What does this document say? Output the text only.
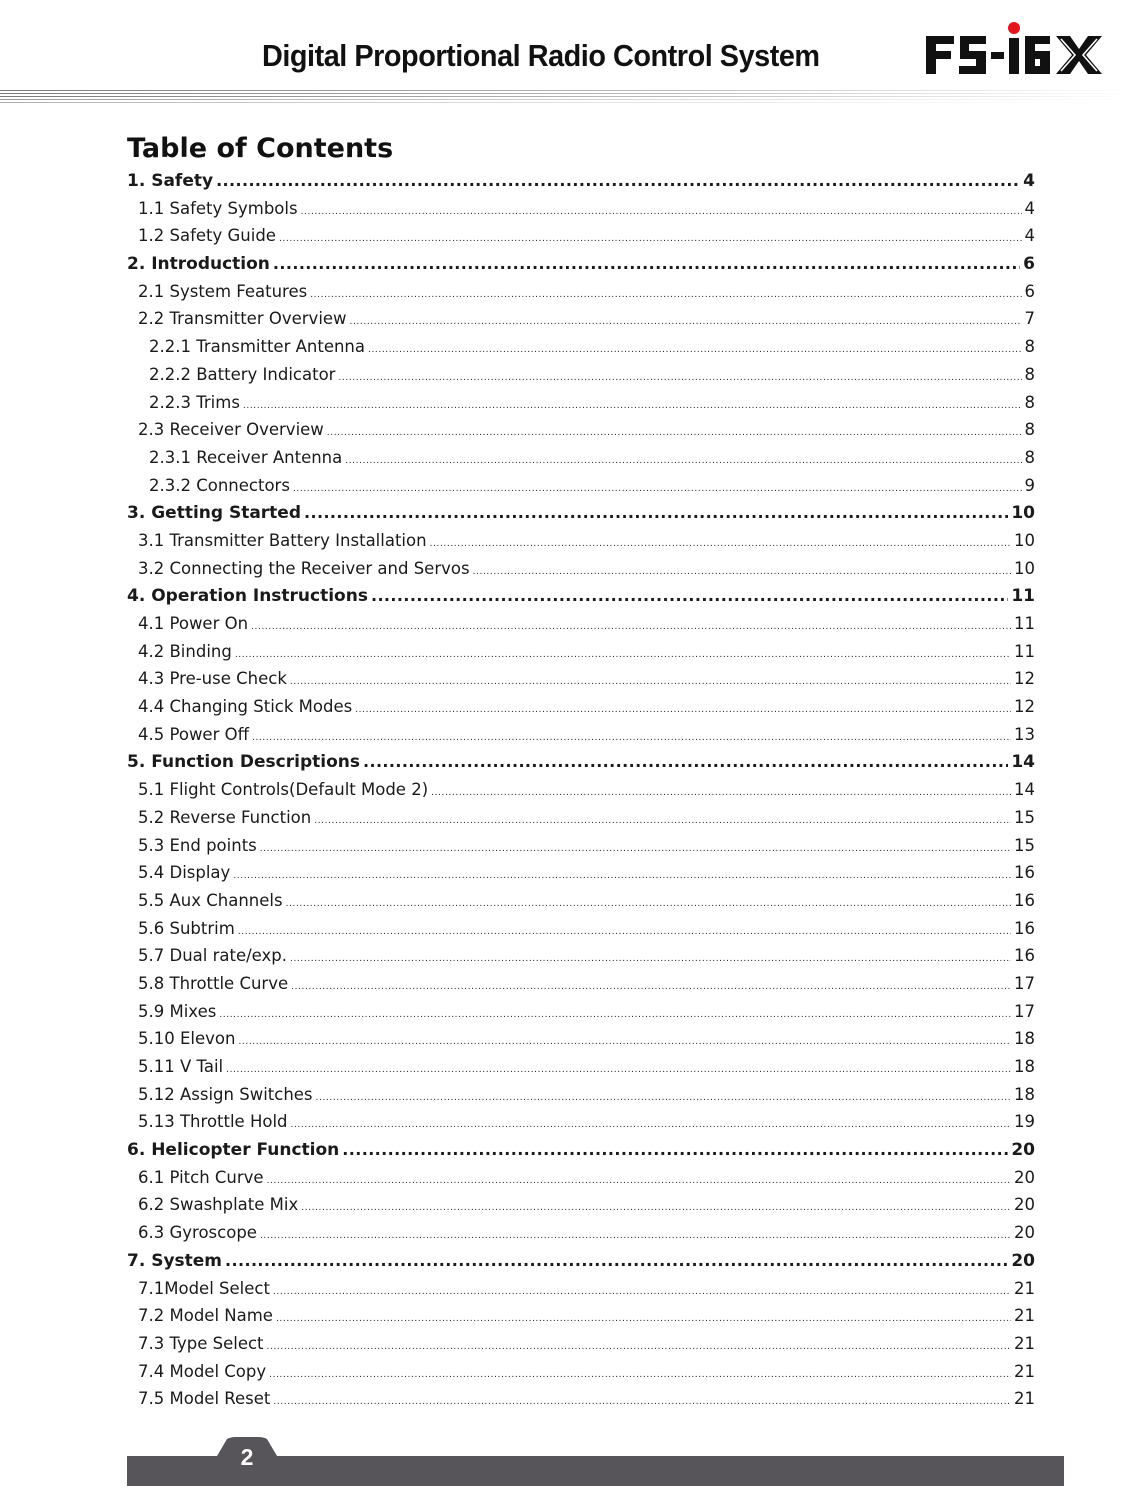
Digital Proportional Radio Control System
Table of Contents
1. Safety .....	4
1.1 Safety Symbols .....	4
1.2 Safety Guide .....	4
2. Introduction .....	6
2.1 System Features .....	6
2.2 Transmitter Overview .....	7
2.2.1 Transmitter Antenna .....	8
2.2.2 Battery Indicator .....	8
2.2.3 Trims .....	8
2.3 Receiver Overview .....	8
2.3.1 Receiver Antenna .....	8
2.3.2 Connectors .....	9
3. Getting Started .....	10
3.1 Transmitter Battery Installation .....	10
3.2 Connecting the Receiver and Servos .....	10
4. Operation Instructions .....	11
4.1 Power On .....	11
4.2 Binding .....	11
4.3 Pre-use Check .....	12
4.4 Changing Stick Modes .....	12
4.5 Power Off .....	13
5. Function Descriptions .....	14
5.1 Flight Controls(Default Mode 2) .....	14
5.2 Reverse Function .....	15
5.3 End points .....	15
5.4 Display .....	16
5.5 Aux Channels .....	16
5.6 Subtrim .....	16
5.7 Dual rate/exp. .....	16
5.8 Throttle Curve .....	17
5.9 Mixes .....	17
5.10 Elevon .....	18
5.11 V Tail .....	18
5.12 Assign Switches .....	18
5.13 Throttle Hold .....	19
6. Helicopter Function .....	20
6.1 Pitch Curve .....	20
6.2 Swashplate Mix .....	20
6.3 Gyroscope .....	20
7. System .....	20
7.1Model Select .....	21
7.2 Model Name .....	21
7.3 Type Select .....	21
7.4 Model Copy .....	21
7.5 Model Reset .....	21
2
